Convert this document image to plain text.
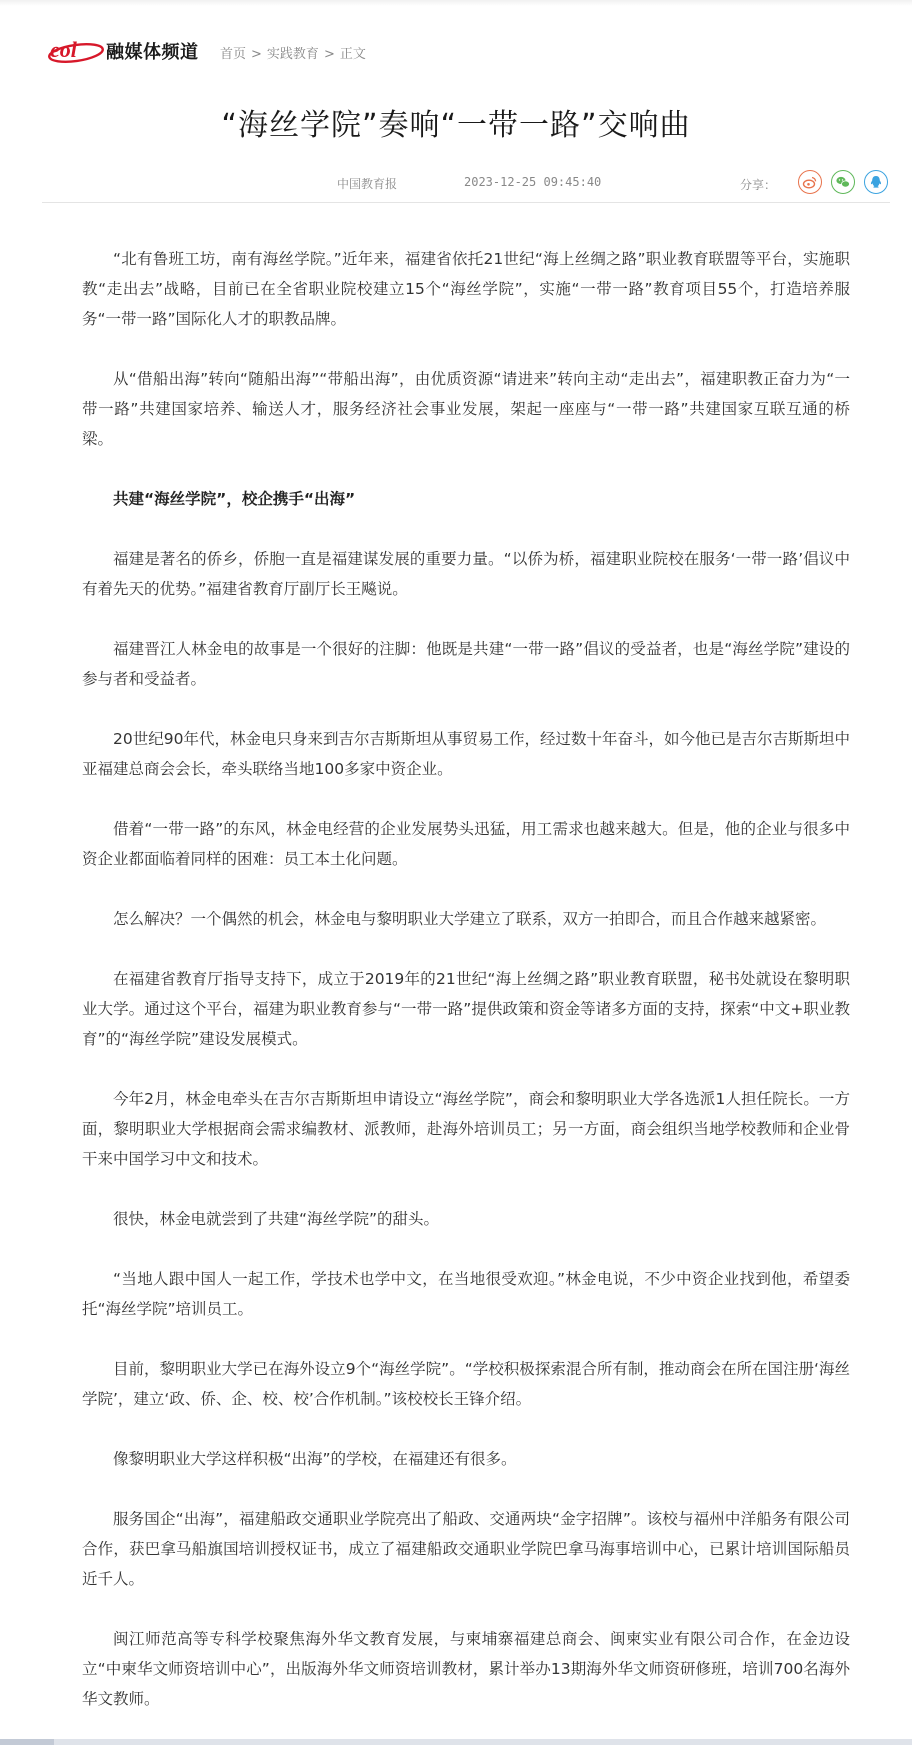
eol 融媒体频道 首页 > 实践教育 > 正文
“海丝学院”奏响“一带一路”交响曲
中国教育报	2023-12-25 09:45:40	分享：

“北有鲁班工坊，南有海丝学院。”近年来，福建省依托21世纪“海上丝绸之路”职业教育联盟等平台，实施职教“走出去”战略，目前已在全省职业院校建立15个“海丝学院”，实施“一带一路”教育项目55个，打造培养服务“一带一路”国际化人才的职教品牌。

从“借船出海”转向“随船出海”“带船出海”，由优质资源“请进来”转向主动“走出去”，福建职教正奋力为“一带一路”共建国家培养、输送人才，服务经济社会事业发展，架起一座座与“一带一路”共建国家互联互通的桥梁。

共建“海丝学院”，校企携手“出海”

福建是著名的侨乡，侨胞一直是福建谋发展的重要力量。“以侨为桥，福建职业院校在服务‘一带一路’倡议中有着先天的优势。”福建省教育厅副厅长王飚说。

福建晋江人林金电的故事是一个很好的注脚：他既是共建“一带一路”倡议的受益者，也是“海丝学院”建设的参与者和受益者。

20世纪90年代，林金电只身来到吉尔吉斯斯坦从事贸易工作，经过数十年奋斗，如今他已是吉尔吉斯斯坦中亚福建总商会会长，牵头联络当地100多家中资企业。

借着“一带一路”的东风，林金电经营的企业发展势头迅猛，用工需求也越来越大。但是，他的企业与很多中资企业都面临着同样的困难：员工本土化问题。

怎么解决？一个偶然的机会，林金电与黎明职业大学建立了联系，双方一拍即合，而且合作越来越紧密。

在福建省教育厅指导支持下，成立于2019年的21世纪“海上丝绸之路”职业教育联盟，秘书处就设在黎明职业大学。通过这个平台，福建为职业教育参与“一带一路”提供政策和资金等诸多方面的支持，探索“中文+职业教育”的“海丝学院”建设发展模式。

今年2月，林金电牵头在吉尔吉斯斯坦申请设立“海丝学院”，商会和黎明职业大学各选派1人担任院长。一方面，黎明职业大学根据商会需求编教材、派教师，赴海外培训员工；另一方面，商会组织当地学校教师和企业骨干来中国学习中文和技术。

很快，林金电就尝到了共建“海丝学院”的甜头。

“当地人跟中国人一起工作，学技术也学中文，在当地很受欢迎。”林金电说，不少中资企业找到他，希望委托“海丝学院”培训员工。

目前，黎明职业大学已在海外设立9个“海丝学院”。“学校积极探索混合所有制，推动商会在所在国注册‘海丝学院’，建立‘政、侨、企、校、校’合作机制。”该校校长王锋介绍。

像黎明职业大学这样积极“出海”的学校，在福建还有很多。

服务国企“出海”，福建船政交通职业学院亮出了船政、交通两块“金字招牌”。该校与福州中洋船务有限公司合作，获巴拿马船旗国培训授权证书，成立了福建船政交通职业学院巴拿马海事培训中心，已累计培训国际船员近千人。

闽江师范高等专科学校聚焦海外华文教育发展，与柬埔寨福建总商会、闽柬实业有限公司合作，在金边设立“中柬华文师资培训中心”，出版海外华文师资培训教材，累计举办13期海外华文师资研修班，培训700名海外华文教师。
